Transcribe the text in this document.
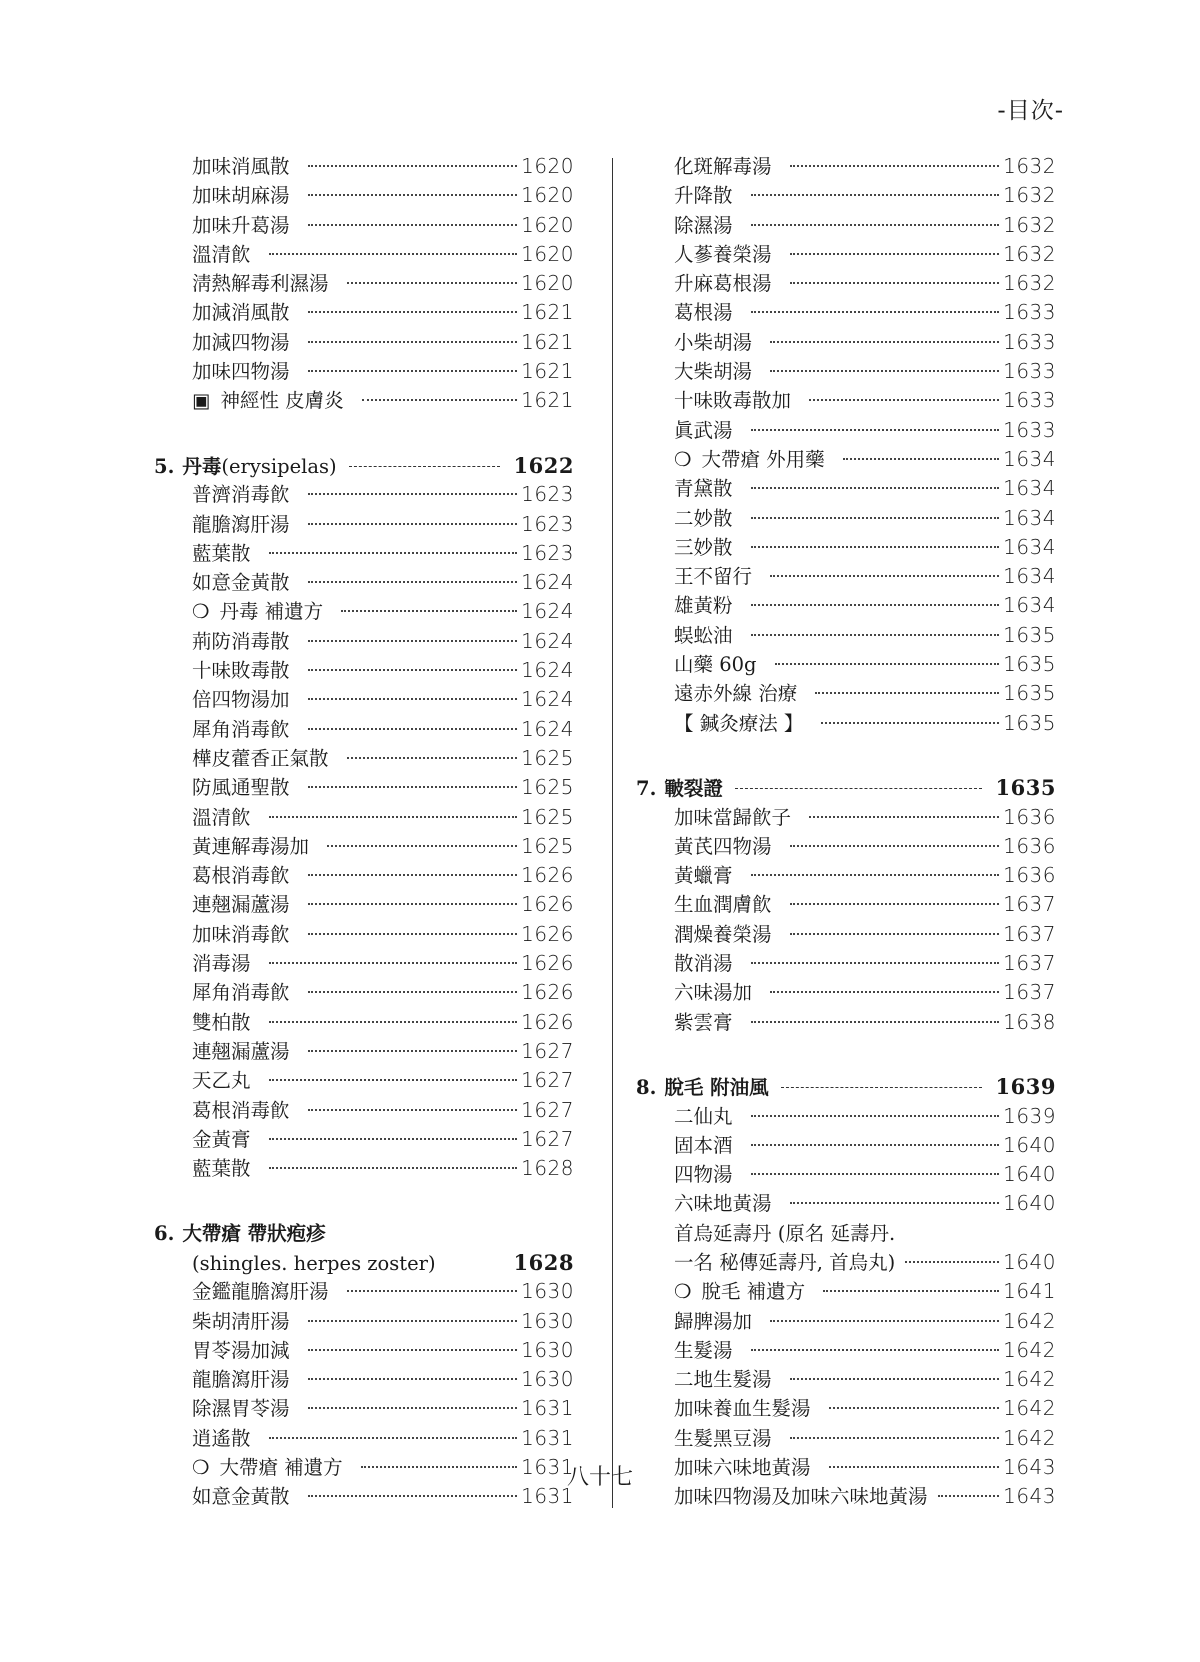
-目次-
加味消風散	1620
加味胡麻湯	1620
加味升葛湯	1620
溫清飮	1620
淸熱解毒利濕湯	1620
加減消風散	1621
加減四物湯	1621
加味四物湯	1621
▣ 神經性 皮膚炎	1621
5. 丹毒(erysipelas)	1622
普濟消毒飮	1623
龍膽瀉肝湯	1623
藍葉散	1623
如意金黃散	1624
❍ 丹毒 補遺方	1624
荊防消毒散	1624
十味敗毒散	1624
倍四物湯加	1624
犀角消毒飮	1624
樺皮藿香正氣散	1625
防風通聖散	1625
溫清飮	1625
黃連解毒湯加	1625
葛根消毒飮	1626
連翹漏蘆湯	1626
加味消毒飮	1626
消毒湯	1626
犀角消毒飮	1626
雙柏散	1626
連翹漏蘆湯	1627
天乙丸	1627
葛根消毒飮	1627
金黃膏	1627
藍葉散	1628
6. 大帶瘡 帶狀疱疹
(shingles. herpes zoster)	1628
金鑑龍膽瀉肝湯	1630
柴胡淸肝湯	1630
胃苓湯加減	1630
龍膽瀉肝湯	1630
除濕胃苓湯	1631
逍遙散	1631
❍ 大帶瘡 補遺方	1631
如意金黃散	1631
化斑解毒湯	1632
升降散	1632
除濕湯	1632
人蔘養榮湯	1632
升麻葛根湯	1632
葛根湯	1633
小柴胡湯	1633
大柴胡湯	1633
十味敗毒散加	1633
眞武湯	1633
❍ 大帶瘡 外用藥	1634
青黛散	1634
二妙散	1634
三妙散	1634
王不留行	1634
雄黃粉	1634
蜈蚣油	1635
山藥 60g	1635
遠赤外線 治療	1635
【 鍼灸療法 】	1635
7. 皸裂證	1635
加味當歸飮子	1636
黃芪四物湯	1636
黃蠟膏	1636
生血潤膚飮	1637
潤燥養榮湯	1637
散消湯	1637
六味湯加	1637
紫雲膏	1638
8. 脫毛 附油風	1639
二仙丸	1639
固本酒	1640
四物湯	1640
六味地黃湯	1640
首烏延壽丹 (原名 延壽丹.
一名 秘傳延壽丹, 首烏丸)	1640
❍ 脫毛 補遺方	1641
歸脾湯加	1642
生髮湯	1642
二地生髮湯	1642
加味養血生髮湯	1642
生髮黑豆湯	1642
加味六味地黃湯	1643
加味四物湯及加味六味地黃湯	1643
八十七
